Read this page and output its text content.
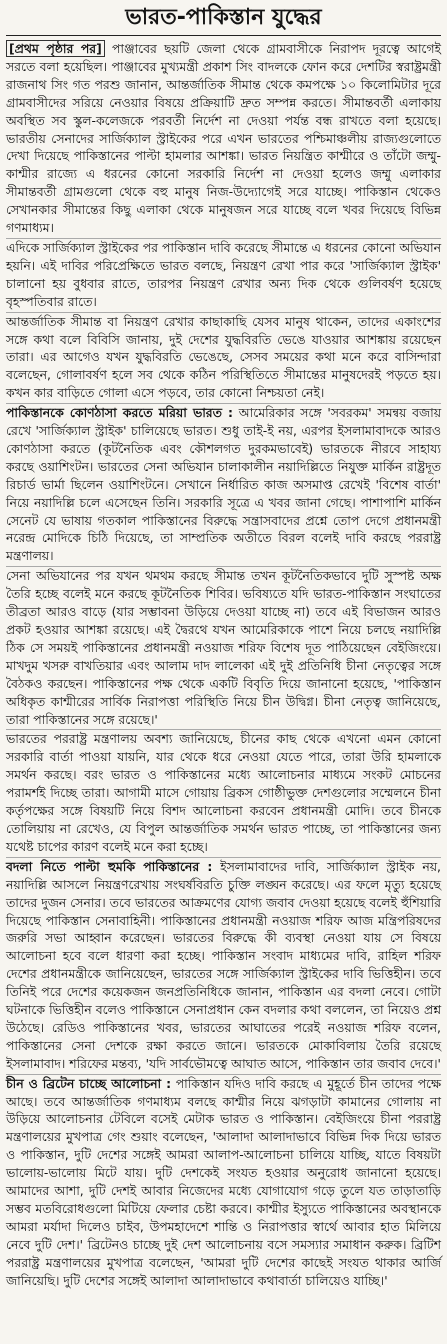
ভারত-পাকিস্তান যুদ্ধের

[প্রথম পৃষ্ঠার পর] পাঞ্জাবের ছয়টি জেলা থেকে গ্রামবাসীকে নিরাপদ দূরত্বে আগেই সরতে বলা হয়েছিল। পাঞ্জাবের মুখ্যমন্ত্রী প্রকাশ সিং বাদলকে ফোন করে দেশটির স্বরাষ্ট্রমন্ত্রী রাজনাথ সিং গত পরশু জানান, আন্তর্জাতিক সীমান্ত থেকে কমপক্ষে ১০ কিলোমিটার দূরে গ্রামবাসীদের সরিয়ে নেওয়ার বিষয়ে প্রক্রিয়াটি দ্রুত সম্পন্ন করতে। সীমান্তবর্তী এলাকায় অবস্থিত সব স্কুল-কলেজকে পরবর্তী নির্দেশ না দেওয়া পর্যন্ত বন্ধ রাখতে বলা হয়েছে। ভারতীয় সেনাদের সার্জিক্যাল স্ট্রাইকের পরে এখন ভারতের পশ্চিমাঞ্চলীয় রাজ্যগুলোতে দেখা দিয়েছে পাকিস্তানের পাল্টা হামলার আশঙ্কা। ভারত নিয়ন্ত্রিত কাশ্মীরে ও তাঁটো জম্মু-কাশ্মীর রাজ্যে এ ধরনের কোনো সরকারি নির্দেশ না দেওয়া হলেও জম্মু এলাকার সীমান্তবর্তী গ্রামগুলো থেকে বহু মানুষ নিজ-উদ্যোগেই সরে যাচ্ছে। পাকিস্তান থেকেও সেখানকার সীমান্তের কিছু এলাকা থেকে মানুষজন সরে যাচ্ছে বলে খবর দিয়েছে বিভিন্ন গণমাধ্যম।

এদিকে সার্জিক্যাল স্ট্রাইকের পর পাকিস্তান দাবি করেছে সীমান্তে এ ধরনের কোনো অভিযান হয়নি। এই দাবির পরিপ্রেক্ষিতে ভারত বলছে, নিয়ন্ত্রণ রেখা পার করে 'সার্জিক্যাল স্ট্রাইক' চালানো হয় বুধবার রাতে, তারপর নিয়ন্ত্রণ রেখার অন্য দিক থেকে গুলিবর্ষণ হয়েছে বৃহস্পতিবার রাতে।

আন্তর্জাতিক সীমান্ত বা নিয়ন্ত্রণ রেখার কাছাকাছি যেসব মানুষ থাকেন, তাদের একাংশের সঙ্গে কথা বলে বিবিসি জানায়, দুই দেশের যুদ্ধবিরতি ভেঙে যাওয়ার আশঙ্কায় রয়েছেন তারা। এর আগেও যখন যুদ্ধবিরতি ভেঙেছে, সেসব সময়ের কথা মনে করে বাসিন্দারা বলেছেন, গোলাবর্ষণ হলে সব থেকে কঠিন পরিস্থিতিতে সীমান্তের মানুষদেরই পড়তে হয়। কখন কার বাড়িতে গোলা এসে পড়বে, তার কোনো নিশ্চয়তা নেই।

পাকিস্তানকে কোণঠাসা করতে মরিয়া ভারত : আমেরিকার সঙ্গে 'সবরকম' সমন্বয় বজায় রেখে 'সার্জিক্যাল স্ট্রাইক' চালিয়েছে ভারত। শুধু তাই-ই নয়, এরপর ইসলামাবাদকে আরও কোণঠাসা করতে (কূটনৈতিক এবং কৌশলগত দুরকমভাবেই) ভারতকে নীরবে সাহায্য করছে ওয়াশিংটন। ভারতের সেনা অভিযান চালাকালীন নয়াদিল্লিতে নিযুক্ত মার্কিন রাষ্ট্রদূত রিচার্ড ভার্মা ছিলেন ওয়াশিংটনে। সেখানে নির্ধারিত কাজ অসমাপ্ত রেখেই 'বিশেষ বার্তা' নিয়ে নয়াদিল্লি চলে এসেছেন তিনি। সরকারি সূত্রে এ খবর জানা গেছে। পাশাপাশি মার্কিন সেনেট যে ভাষায় গতকাল পাকিস্তানের বিরুদ্ধে সন্ত্রাসবাদের প্রশ্নে তোপ দেগে প্রধানমন্ত্রী নরেন্দ্র মোদিকে চিঠি দিয়েছে, তা সাম্প্রতিক অতীতে বিরল বলেই দাবি করছে পররাষ্ট্র মন্ত্রণালয়।

সেনা অভিযানের পর যখন থমথম করছে সীমান্ত তখন কূটনৈতিকভাবে দুটি সুস্পষ্ট অক্ষ তৈরি হচ্ছে বলেই মনে করছে কূটনৈতিক শিবির। ভবিষ্যতে যদি ভারত-পাকিস্তান সংঘাতের তীব্রতা আরও বাড়ে (যার সম্ভাবনা উড়িয়ে দেওয়া যাচ্ছে না) তবে এই বিভাজন আরও প্রকট হওয়ার আশঙ্কা রয়েছে। এই দ্বৈরথে যখন আমেরিকাকে পাশে নিয়ে চলছে নয়াদিল্লি ঠিক সে সময়ই পাকিস্তানের প্রধানমন্ত্রী নওয়াজ শরিফ বিশেষ দূত পাঠিয়েছেন বেইজিংয়ে। মাখদুম খসরু বাখতিয়ার এবং আলাম দাদ লালেকা এই দুই প্রতিনিধি চীনা নেতৃত্বের সঙ্গে বৈঠকও করছেন। পাকিস্তানের পক্ষ থেকে একটি বিবৃতি দিয়ে জানানো হয়েছে, 'পাকিস্তান অধিকৃত কাশ্মীরের সার্বিক নিরাপত্তা পরিস্থিতি নিয়ে চীন উদ্বিগ্ন। চীনা নেতৃত্ব জানিয়েছে, তারা পাকিস্তানের সঙ্গে রয়েছে।'

ভারতের পররাষ্ট্র মন্ত্রণালয় অবশ্য জানিয়েছে, চীনের কাছ থেকে এখনো এমন কোনো সরকারি বার্তা পাওয়া যায়নি, যার থেকে ধরে নেওয়া যেতে পারে, তারা উরি হামলাকে সমর্থন করছে। বরং ভারত ও পাকিস্তানের মধ্যে আলোচনার মাধ্যমে সংকট মোচনের পরামর্শই দিচ্ছে তারা। আগামী মাসে গোয়ায় ব্রিকস গোষ্ঠীভুক্ত দেশগুলোর সম্মেলনে চীনা কর্তৃপক্ষের সঙ্গে বিষয়টি নিয়ে বিশদ আলোচনা করবেন প্রধানমন্ত্রী মোদি। তবে চীনকে তোলিয়ায় না রেখেও, যে বিপুল আন্তর্জাতিক সমর্থন ভারত পাচ্ছে, তা পাকিস্তানের জন্য যথেষ্ট চাপের কারণ বলেই মনে করা হচ্ছে।

বদলা নিতে পাল্টা হুমকি পাকিস্তানের : ইসলামাবাদের দাবি, সার্জিক্যাল স্ট্রাইক নয়, নয়াদিল্লি আসলে নিয়ন্ত্রণরেখায় সংঘর্ষবিরতি চুক্তি লঙ্ঘন করেছে। এর ফলে মৃত্যু হয়েছে তাদের দুজন সেনার। তবে ভারতের আক্রমণের যোগ্য জবাব দেওয়া হয়েছে বলেই হুঁশিয়ারি দিয়েছে পাকিস্তান সেনাবাহিনী। পাকিস্তানের প্রধানমন্ত্রী নওয়াজ শরিফ আজ মন্ত্রিপরিষদের জরুরি সভা আহ্বান করেছেন। ভারতের বিরুদ্ধে কী ব্যবস্থা নেওয়া যায় সে বিষয়ে আলোচনা হবে বলে ধারণা করা হচ্ছে। পাকিস্তান সংবাদ মাধ্যমের দাবি, রাহিল শরিফ দেশের প্রধানমন্ত্রীকে জানিয়েছেন, ভারতের সঙ্গে সার্জিক্যাল স্ট্রাইকের দাবি ভিত্তিহীন। তবে তিনিই পরে দেশের কয়েকজন জনপ্রতিনিধিকে জানান, পাকিস্তান এর বদলা নেবে। গোটা ঘটনাকে ভিত্তিহীন বলেও পাকিস্তানে সেনাপ্রধান কেন বদলার কথা বললেন, তা নিয়েও প্রশ্ন উঠেছে। রেডিও পাকিস্তানের খবর, ভারতের আঘাতের পরেই নওয়াজ শরিফ বলেন, পাকিস্তানের সেনা দেশকে রক্ষা করতে জানে। ভারতকে মোকাবিলায় তৈরি রয়েছে ইসলামাবাদ। শরিফের মন্তব্য, 'যদি সার্বভৌমত্বে আঘাত আসে, পাকিস্তান তার জবাব দেবে।'

চীন ও ব্রিটেন চাচ্ছে আলোচনা : পাকিস্তান যদিও দাবি করছে এ মুহূর্তে চীন তাদের পক্ষে আছে। তবে আন্তর্জাতিক গণমাধ্যম বলছে কাশ্মীর নিয়ে ঝগড়াটা কামানের গোলায় না উড়িয়ে আলোচনার টেবিলে বসেই মেটাক ভারত ও পাকিস্তান। বেইজিংয়ে চীনা পররাষ্ট্র মন্ত্রণালয়ের মুখপাত্র গেং শুয়াং বলেছেন, 'আলাদা আলাদাভাবে বিভিন্ন দিক দিয়ে ভারত ও পাকিস্তান, দুটি দেশের সঙ্গেই আমরা আলাপ-আলোচনা চালিয়ে যাচ্ছি, যাতে বিষয়টা ভালোয়-ভালোয় মিটে যায়। দুটি দেশকেই সংযত হওয়ার অনুরোধ জানানো হয়েছে। আমাদের আশা, দুটি দেশই আবার নিজেদের মধ্যে যোগাযোগ গড়ে তুলে যত তাড়াতাড়ি সম্ভব মতবিরোধগুলো মিটিয়ে ফেলার চেষ্টা করবে। কাশ্মীর ইস্যুতে পাকিস্তানের অবস্থানকে আমরা মর্যাদা দিলেও চাইব, উপমহাদেশে শান্তি ও নিরাপত্তার স্বার্থে আবার হাত মিলিয়ে নেবে দুটি দেশ।' ব্রিটেনও চাচ্ছে দুই দেশ আলোচনায় বসে সমস্যার সমাধান করুক। ব্রিটিশ পররাষ্ট্র মন্ত্রণালয়ের মুখপাত্র বলেছেন, 'আমরা দুটি দেশের কাছেই সংযত থাকার আর্জি জানিয়েছি। দুটি দেশের সঙ্গেই আলাদা আলাদাভাবে কথাবার্তা চালিয়েও যাচ্ছি।'
